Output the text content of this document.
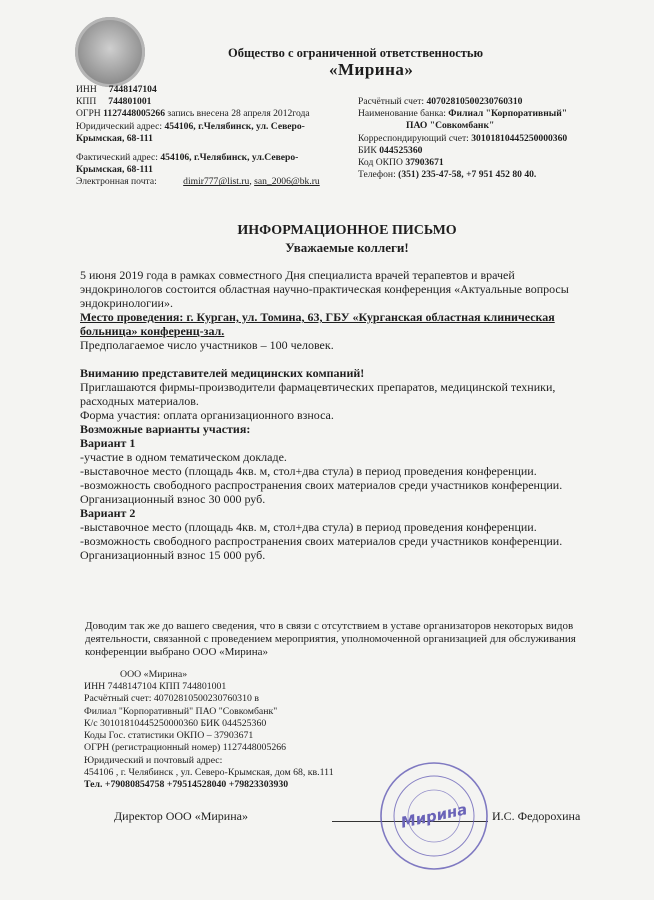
Общество с ограниченной ответственностью
«Мирина»
ИНН 7448147104
КПП 744801001
ОГРН 1127448005266 запись внесена 28 апреля 2012года
Юридический адрес: 454106, г.Челябинск, ул. Северо-
Крымская, 68-111
Фактический адрес: 454106, г.Челябинск, ул.Северо-
Крымская, 68-111
Электронная почта:	dimir777@list.ru, san_2006@bk.ru
Расчётный счет: 40702810500230760310
Наименование банка: Филиал "Корпоративный"
ПАО "Совкомбанк"
Корреспондирующий счет: 30101810445250000360
БИК 044525360
Код ОКПО 37903671
Телефон: (351) 235-47-58, +7 951 452 80 40.
ИНФОРМАЦИОННОЕ ПИСЬМО
Уважаемые коллеги!
5 июня 2019 года в рамках совместного Дня специалиста врачей терапевтов и врачей
эндокринологов состоится областная научно-практическая конференция «Актуальные вопросы
эндокринологии».
Место проведения: г. Курган, ул. Томина, 63, ГБУ «Курганская областная клиническая
больница» конференц-зал.
Предполагаемое число участников – 100 человек.
Вниманию представителей медицинских компаний!
Приглашаются фирмы-производители фармацевтических препаратов, медицинской техники,
расходных материалов.
Форма участия: оплата организационного взноса.
Возможные варианты участия:
Вариант 1
-участие в одном тематическом докладе.
-выставочное место (площадь 4кв. м, стол+два стула) в период проведения конференции.
-возможность свободного распространения своих материалов среди участников конференции.
Организационный взнос 30 000 руб.
Вариант 2
-выставочное место (площадь 4кв. м, стол+два стула) в период проведения конференции.
-возможность свободного распространения своих материалов среди участников конференции.
Организационный взнос 15 000 руб.
Доводим так же до вашего сведения, что в связи с отсутствием в уставе организаторов некоторых видов
деятельности, связанной с проведением мероприятия, уполномоченной организацией для обслуживания
конференции выбрано ООО «Мирина»
ООО «Мирина»
ИНН 7448147104 КПП 744801001
Расчётный счет: 40702810500230760310 в
Филиал "Корпоративный" ПАО "Совкомбанк"
К/с 30101810445250000360 БИК 044525360
Коды Гос. статистики ОКПО – 37903671
ОГРН (регистрационный номер) 1127448005266
Юридический и почтовый адрес:
454106 , г. Челябинск , ул. Северо-Крымская, дом 68, кв.111
Тел. +79080854758 +79514528040 +79823303930
Директор ООО «Мирина»	И.С. Федорохина
Мирина
